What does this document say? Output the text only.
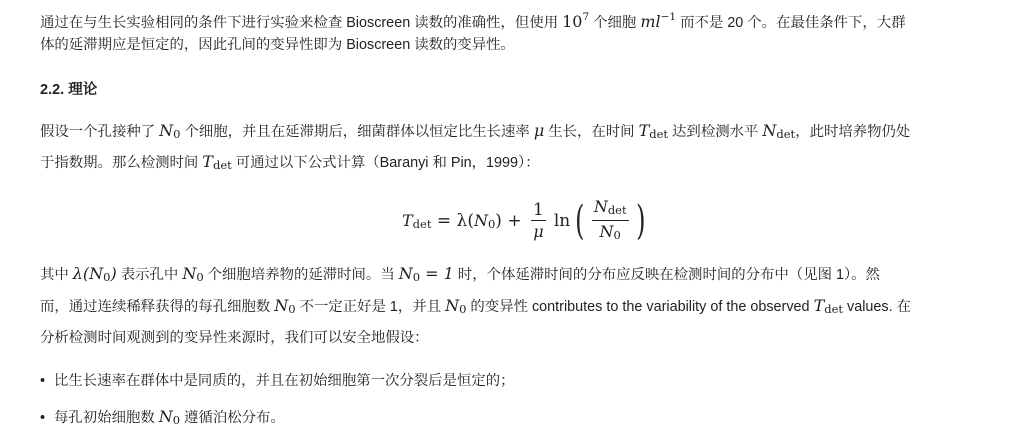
通过在与生长实验相同的条件下进行实验来检查 Bioscreen 读数的准确性，但使用 $10^7$ 个细胞 $ml^{-1}$ 而不是 20 个。在最佳条件下，大群
体的延滞期应是恒定的，因此孔间的变异性即为 Bioscreen 读数的变异性。
2.2. 理论
假设一个孔接种了 N0 个细胞，并且在延滞期后，细菌群体以恒定比生长速率 μ 生长，在时间 Tdet 达到检测水平 Ndet，此时培养物仍处
于指数期。那么检测时间 Tdet 可通过以下公式计算（Baranyi 和 Pin，1999）：
Tdet = λ ( N0 ) + $\frac{1}{\mu}$ ln ( $\frac{Ndet}{N0}$ )
其中 λ(N0) 表示孔中 N0 个细胞培养物的延滞时间。当 N0 = 1 时，个体延滞时间的分布应反映在检测时间的分布中（见图 1）。然
而，通过连续稀释获得的每孔细胞数 N0 不一定正好是 1，并且 N0 的变异性 contributes to the variability of the observed Tdet values. 在
分析检测时间观测到的变异性来源时，我们可以安全地假设：
• 比生长速率在群体中是同质的，并且在初始细胞第一次分裂后是恒定的；
• 每孔初始细胞数 N0 遵循泊松分布。
